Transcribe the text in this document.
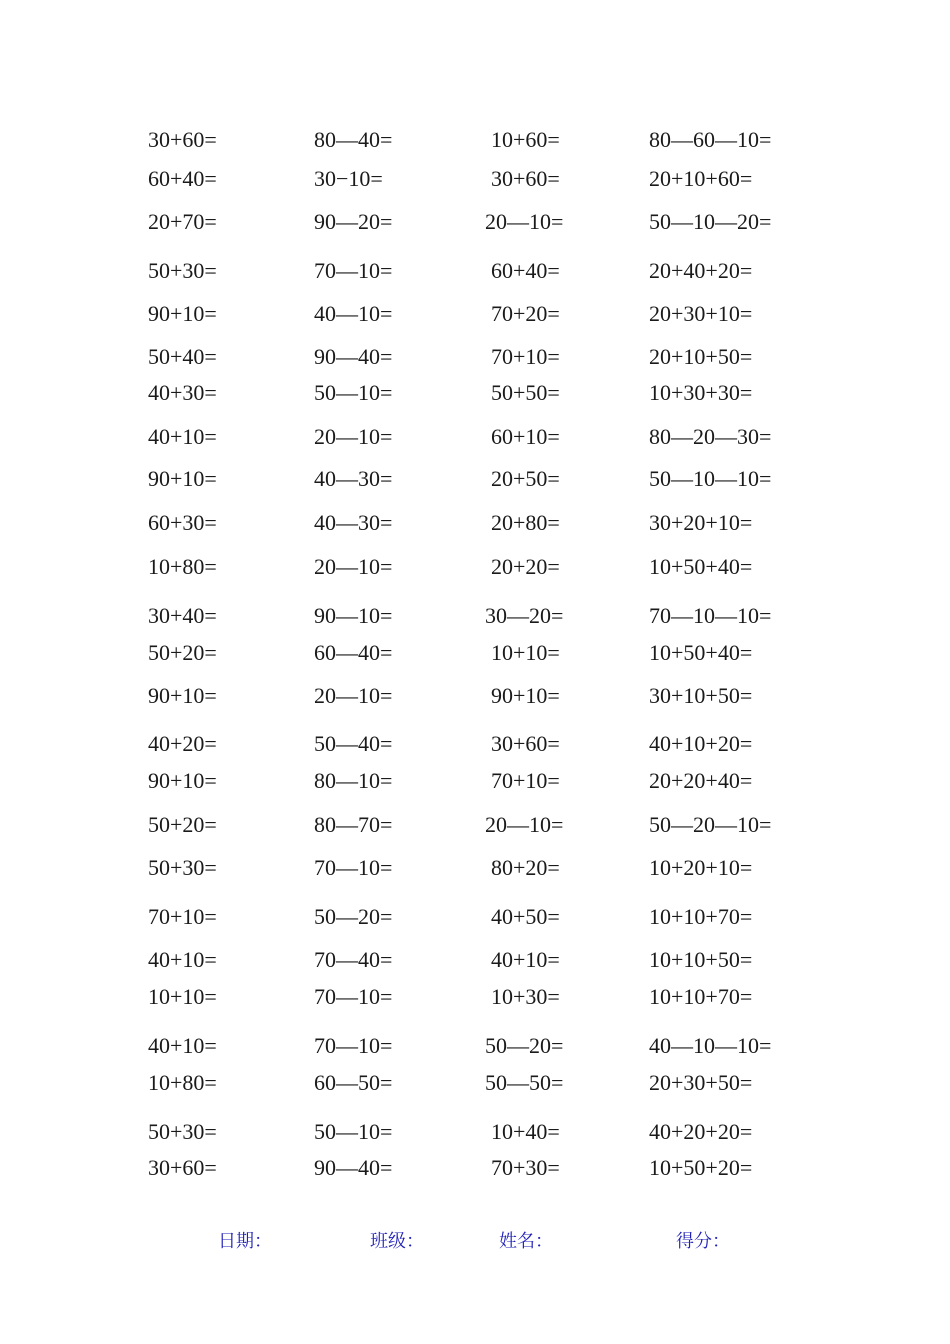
30+60=	80—40=	10+60=	80—60—10=
60+40=	30−10=	30+60=	20+10+60=
20+70=	90—20=	20—10=	50—10—20=
50+30=	70—10=	60+40=	20+40+20=
90+10=	40—10=	70+20=	20+30+10=
50+40=	90—40=	70+10=	20+10+50=
40+30=	50—10=	50+50=	10+30+30=
40+10=	20—10=	60+10=	80—20—30=
90+10=	40—30=	20+50=	50—10—10=
60+30=	40—30=	20+80=	30+20+10=
10+80=	20—10=	20+20=	10+50+40=
30+40=	90—10=	30—20=	70—10—10=
50+20=	60—40=	10+10=	10+50+40=
90+10=	20—10=	90+10=	30+10+50=
40+20=	50—40=	30+60=	40+10+20=
90+10=	80—10=	70+10=	20+20+40=
50+20=	80—70=	20—10=	50—20—10=
50+30=	70—10=	80+20=	10+20+10=
70+10=	50—20=	40+50=	10+10+70=
40+10=	70—40=	40+10=	10+10+50=
10+10=	70—10=	10+30=	10+10+70=
40+10=	70—10=	50—20=	40—10—10=
10+80=	60—50=	50—50=	20+30+50=
50+30=	50—10=	10+40=	40+20+20=
30+60=	90—40=	70+30=	10+50+20=
日期：	班级：	姓名：	得分：
